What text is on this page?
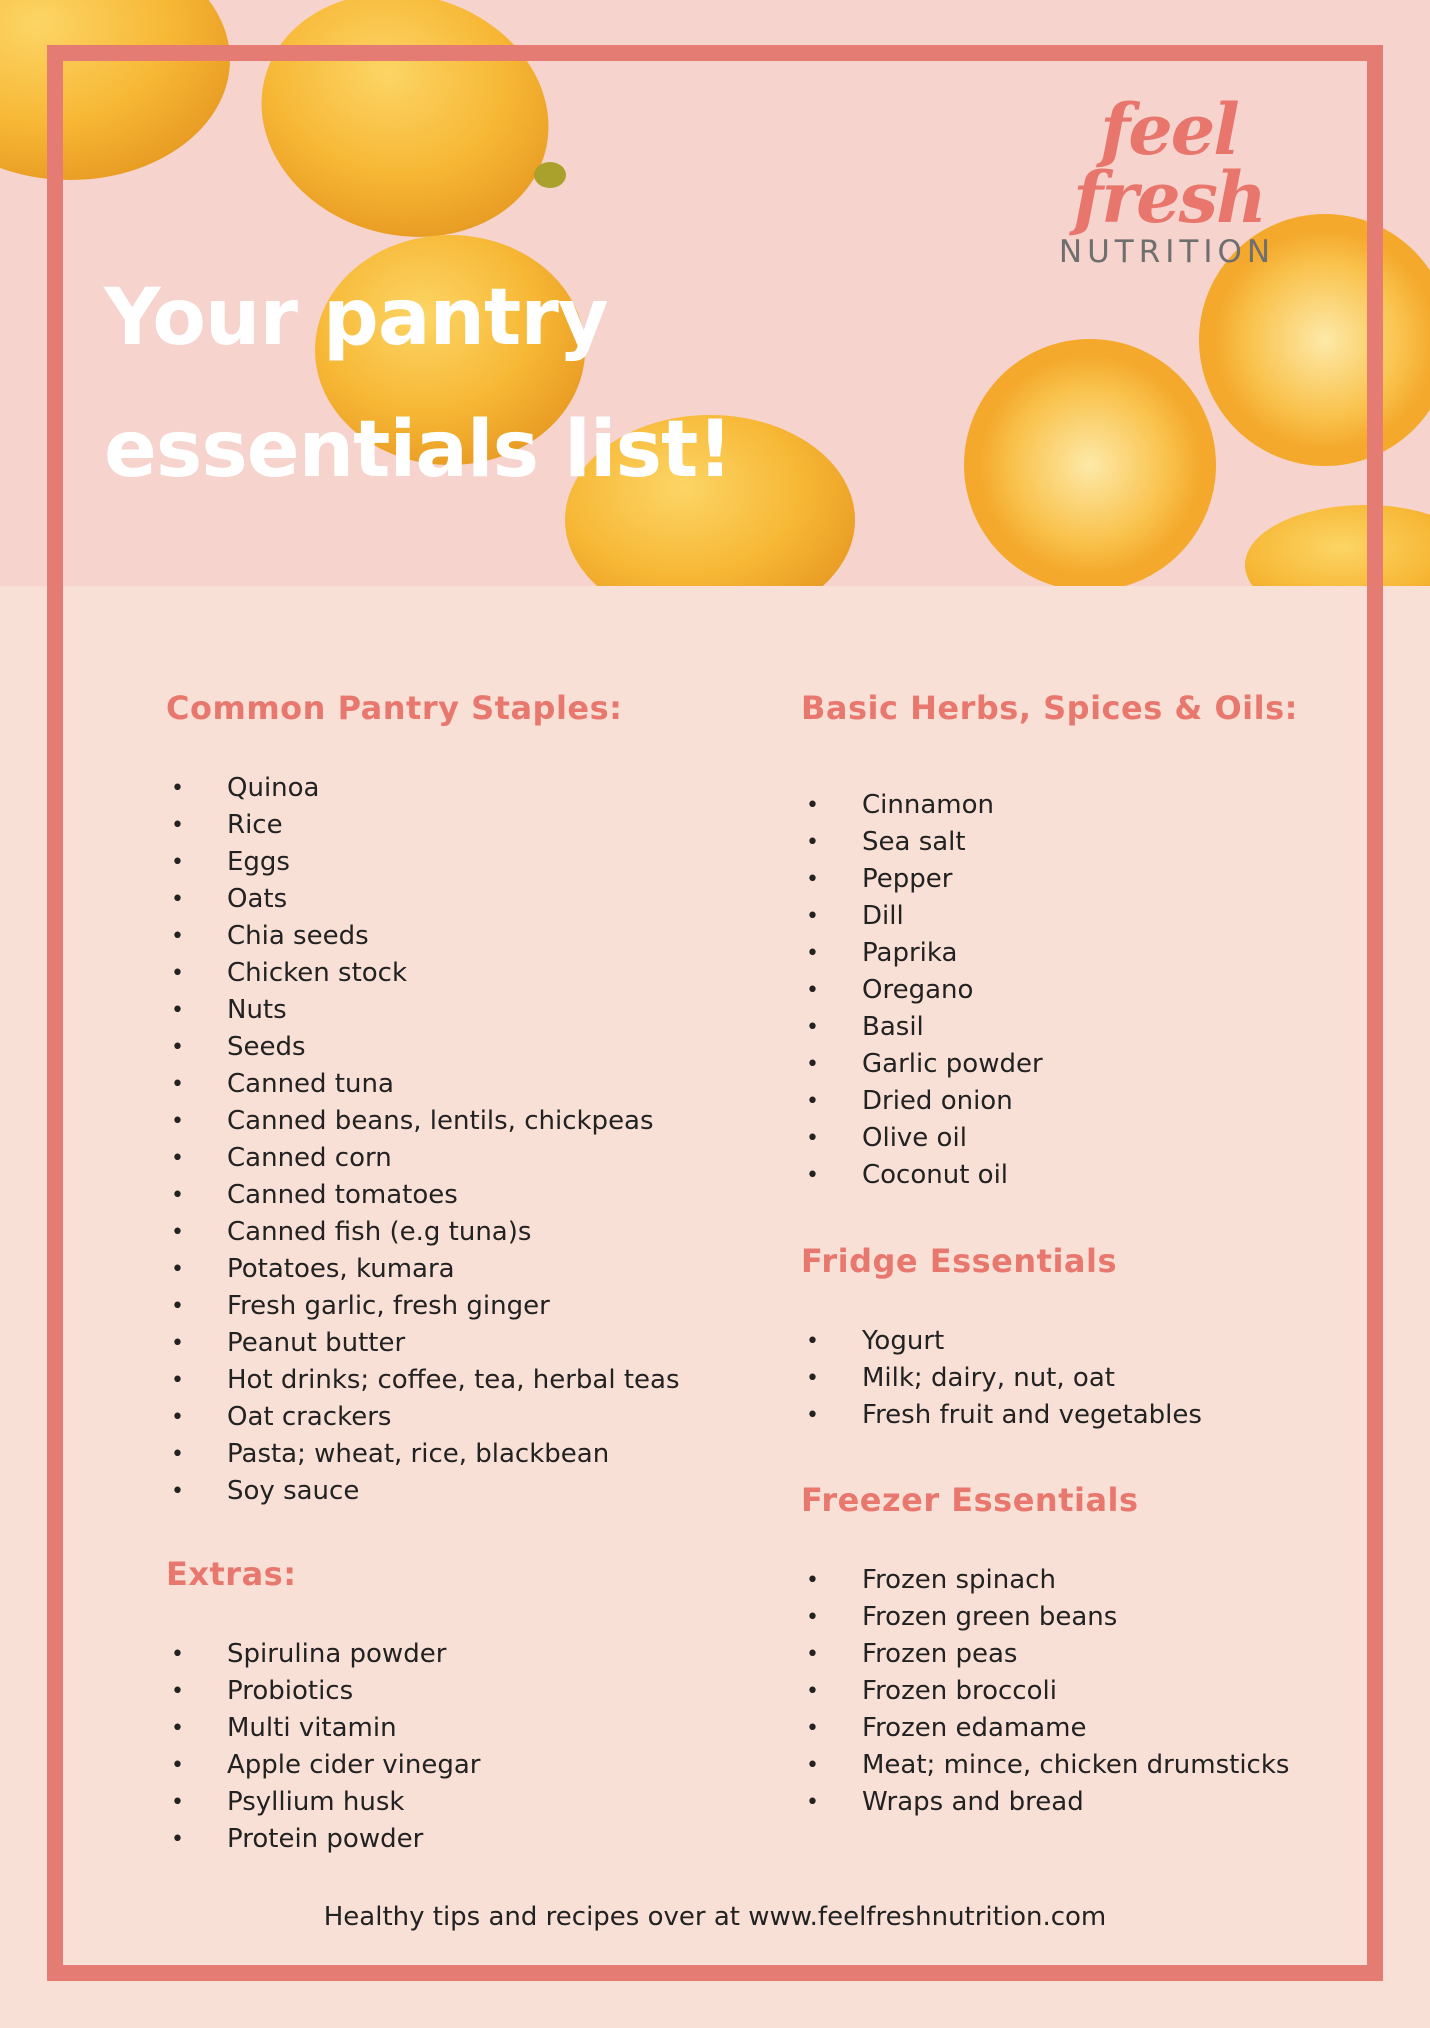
Your pantry
essentials list!
feel
fresh
NUTRITION
Common Pantry Staples:
• Quinoa
• Rice
• Eggs
• Oats
• Chia seeds
• Chicken stock
• Nuts
• Seeds
• Canned tuna
• Canned beans, lentils, chickpeas
• Canned corn
• Canned tomatoes
• Canned fish (e.g tuna)s
• Potatoes, kumara
• Fresh garlic, fresh ginger
• Peanut butter
• Hot drinks; coffee, tea, herbal teas
• Oat crackers
• Pasta; wheat, rice, blackbean
• Soy sauce
Extras:
• Spirulina powder
• Probiotics
• Multi vitamin
• Apple cider vinegar
• Psyllium husk
• Protein powder
Basic Herbs, Spices & Oils:
• Cinnamon
• Sea salt
• Pepper
• Dill
• Paprika
• Oregano
• Basil
• Garlic powder
• Dried onion
• Olive oil
• Coconut oil
Fridge Essentials
• Yogurt
• Milk; dairy, nut, oat
• Fresh fruit and vegetables
Freezer Essentials
• Frozen spinach
• Frozen green beans
• Frozen peas
• Frozen broccoli
• Frozen edamame
• Meat; mince, chicken drumsticks
• Wraps and bread
Healthy tips and recipes over at www.feelfreshnutrition.com
